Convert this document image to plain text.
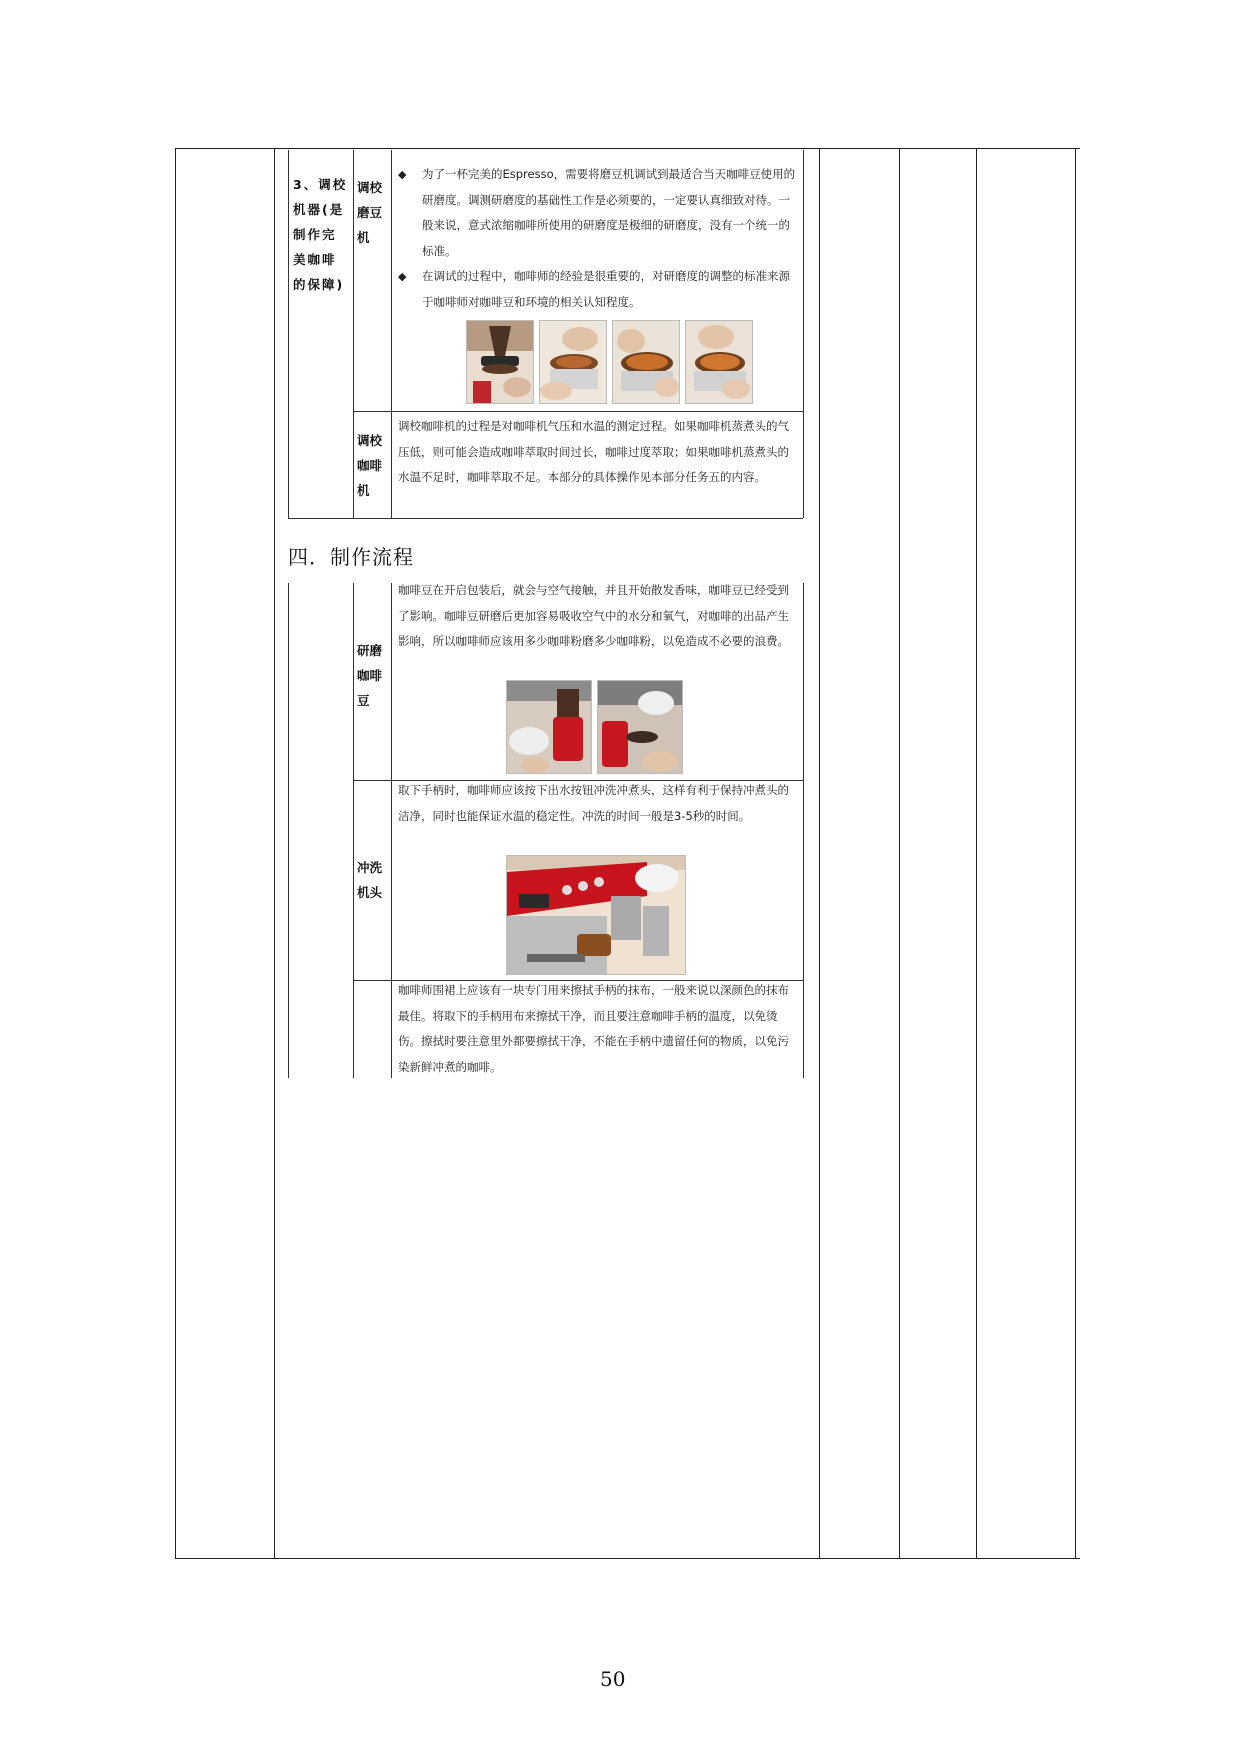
3、调校机器(是制作完美咖啡的保障)
调校磨豆机
◆ 为了一杯完美的Espresso，需要将磨豆机调试到最适合当天咖啡豆使用的研磨度。调测研磨度的基础性工作是必须要的，一定要认真细致对待。一般来说，意式浓缩咖啡所使用的研磨度是极细的研磨度，没有一个统一的标准。
◆ 在调试的过程中，咖啡师的经验是很重要的，对研磨度的调整的标准来源于咖啡师对咖啡豆和环境的相关认知程度。
调校咖啡机
调校咖啡机的过程是对咖啡机气压和水温的测定过程。如果咖啡机蒸煮头的气压低，则可能会造成咖啡萃取时间过长，咖啡过度萃取；如果咖啡机蒸煮头的水温不足时，咖啡萃取不足。本部分的具体操作见本部分任务五的内容。
四．制作流程
研磨咖啡豆
咖啡豆在开启包装后，就会与空气接触，并且开始散发香味，咖啡豆已经受到了影响。咖啡豆研磨后更加容易吸收空气中的水分和氧气，对咖啡的出品产生影响，所以咖啡师应该用多少咖啡粉磨多少咖啡粉，以免造成不必要的浪费。
冲洗机头
取下手柄时，咖啡师应该按下出水按钮冲洗冲煮头，这样有利于保持冲煮头的洁净，同时也能保证水温的稳定性。冲洗的时间一般是3-5秒的时间。
咖啡师围裙上应该有一块专门用来擦拭手柄的抹布，一般来说以深颜色的抹布最佳。将取下的手柄用布来擦拭干净，而且要注意咖啡手柄的温度，以免烫伤。擦拭时要注意里外都要擦拭干净，不能在手柄中遗留任何的物质，以免污染新鲜冲煮的咖啡。
50
